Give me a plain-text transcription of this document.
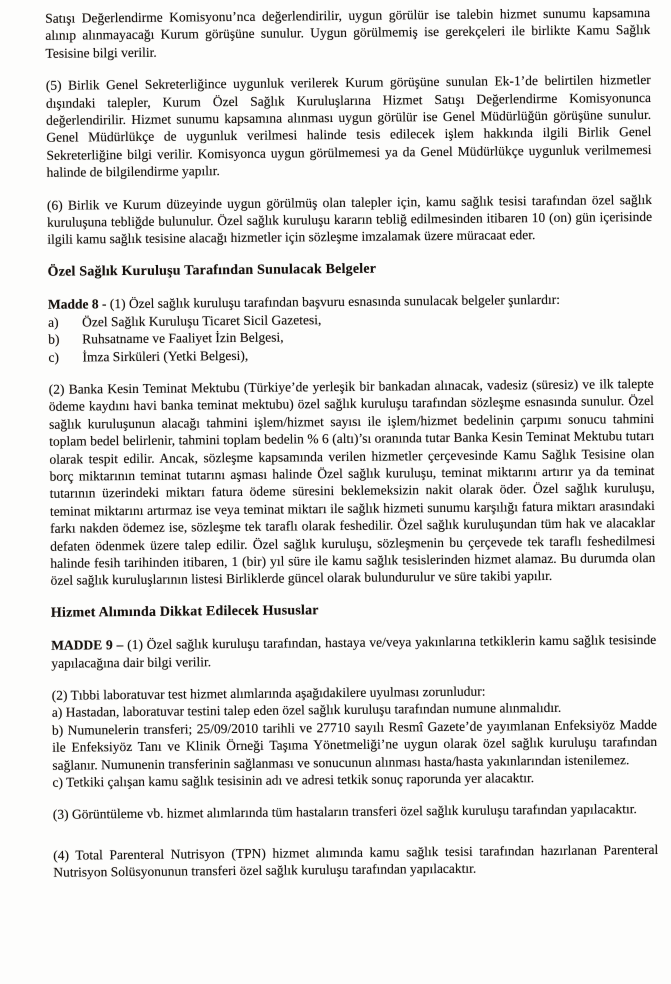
Satışı Değerlendirme Komisyonu’nca değerlendirilir, uygun görülür ise talebin hizmet sunumu kapsamına alınıp alınmayacağı Kurum görüşüne sunulur. Uygun görülmemiş ise gerekçeleri ile birlikte Kamu Sağlık Tesisine bilgi verilir.

(5) Birlik Genel Sekreterliğince uygunluk verilerek Kurum görüşüne sunulan Ek-1’de belirtilen hizmetler dışındaki talepler, Kurum Özel Sağlık Kuruluşlarına Hizmet Satışı Değerlendirme Komisyonunca değerlendirilir. Hizmet sunumu kapsamına alınması uygun görülür ise Genel Müdürlüğün görüşüne sunulur. Genel Müdürlükçe de uygunluk verilmesi halinde tesis edilecek işlem hakkında ilgili Birlik Genel Sekreterliğine bilgi verilir. Komisyonca uygun görülmemesi ya da Genel Müdürlükçe uygunluk verilmemesi halinde de bilgilendirme yapılır.

(6) Birlik ve Kurum düzeyinde uygun görülmüş olan talepler için, kamu sağlık tesisi tarafından özel sağlık kuruluşuna tebliğde bulunulur. Özel sağlık kuruluşu kararın tebliğ edilmesinden itibaren 10 (on) gün içerisinde ilgili kamu sağlık tesisine alacağı hizmetler için sözleşme imzalamak üzere müracaat eder.

Özel Sağlık Kuruluşu Tarafından Sunulacak Belgeler

Madde 8 - (1) Özel sağlık kuruluşu tarafından başvuru esnasında sunulacak belgeler şunlardır:

a)	Özel Sağlık Kuruluşu Ticaret Sicil Gazetesi,
b)	Ruhsatname ve Faaliyet İzin Belgesi,
c)	İmza Sirküleri (Yetki Belgesi),

(2) Banka Kesin Teminat Mektubu (Türkiye’de yerleşik bir bankadan alınacak, vadesiz (süresiz) ve ilk talepte ödeme kaydını havi banka teminat mektubu) özel sağlık kuruluşu tarafından sözleşme esnasında sunulur. Özel sağlık kuruluşunun alacağı tahmini işlem/hizmet sayısı ile işlem/hizmet bedelinin çarpımı sonucu tahmini toplam bedel belirlenir, tahmini toplam bedelin % 6 (altı)’sı oranında tutar Banka Kesin Teminat Mektubu tutarı olarak tespit edilir. Ancak, sözleşme kapsamında verilen hizmetler çerçevesinde Kamu Sağlık Tesisine olan borç miktarının teminat tutarını aşması halinde Özel sağlık kuruluşu, teminat miktarını artırır ya da teminat tutarının üzerindeki miktarı fatura ödeme süresini beklemeksizin nakit olarak öder. Özel sağlık kuruluşu, teminat miktarını artırmaz ise veya teminat miktarı ile sağlık hizmeti sunumu karşılığı fatura miktarı arasındaki farkı nakden ödemez ise, sözleşme tek taraflı olarak feshedilir. Özel sağlık kuruluşundan tüm hak ve alacaklar defaten ödenmek üzere talep edilir. Özel sağlık kuruluşu, sözleşmenin bu çerçevede tek taraflı feshedilmesi halinde fesih tarihinden itibaren, 1 (bir) yıl süre ile kamu sağlık tesislerinden hizmet alamaz. Bu durumda olan özel sağlık kuruluşlarının listesi Birliklerde güncel olarak bulundurulur ve süre takibi yapılır.

Hizmet Alımında Dikkat Edilecek Hususlar

MADDE 9 – (1) Özel sağlık kuruluşu tarafından, hastaya ve/veya yakınlarına tetkiklerin kamu sağlık tesisinde yapılacağına dair bilgi verilir.

(2) Tıbbi laboratuvar test hizmet alımlarında aşağıdakilere uyulması zorunludur:

a) Hastadan, laboratuvar testini talep eden özel sağlık kuruluşu tarafından numune alınmalıdır.

b) Numunelerin transferi; 25/09/2010 tarihli ve 27710 sayılı Resmî Gazete’de yayımlanan Enfeksiyöz Madde ile Enfeksiyöz Tanı ve Klinik Örneği Taşıma Yönetmeliği’ne uygun olarak özel sağlık kuruluşu tarafından sağlanır. Numunenin transferinin sağlanması ve sonucunun alınması hasta/hasta yakınlarından istenilemez.

c) Tetkiki çalışan kamu sağlık tesisinin adı ve adresi tetkik sonuç raporunda yer alacaktır.

(3) Görüntüleme vb. hizmet alımlarında tüm hastaların transferi özel sağlık kuruluşu tarafından yapılacaktır.

(4) Total Parenteral Nutrisyon (TPN) hizmet alımında kamu sağlık tesisi tarafından hazırlanan Parenteral Nutrisyon Solüsyonunun transferi özel sağlık kuruluşu tarafından yapılacaktır.
